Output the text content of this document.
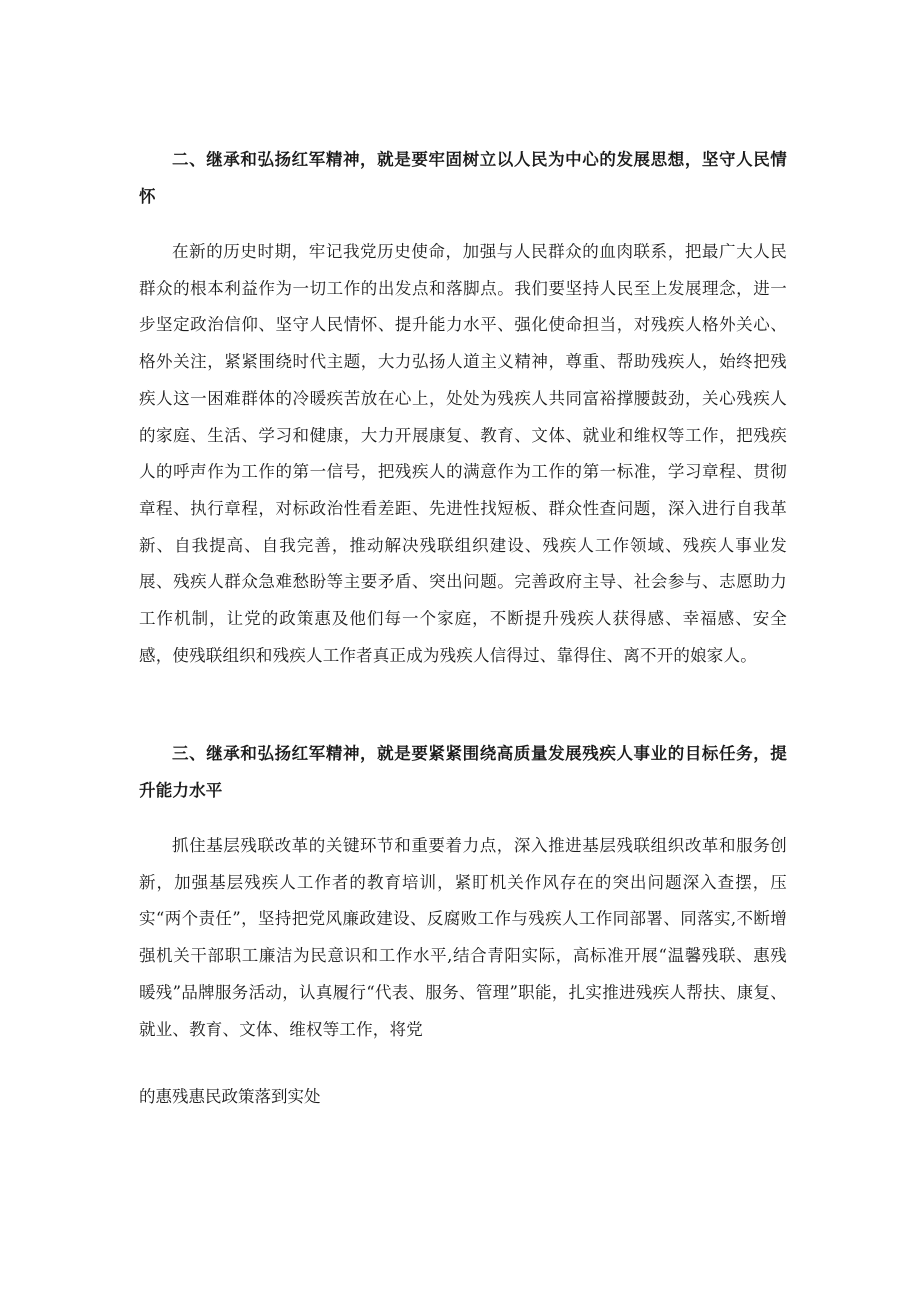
二、继承和弘扬红军精神，就是要牢固树立以人民为中心的发展思想，坚守人民情怀

在新的历史时期，牢记我党历史使命，加强与人民群众的血肉联系，把最广大人民群众的根本利益作为一切工作的出发点和落脚点。我们要坚持人民至上发展理念，进一步坚定政治信仰、坚守人民情怀、提升能力水平、强化使命担当，对残疾人格外关心、格外关注，紧紧围绕时代主题，大力弘扬人道主义精神，尊重、帮助残疾人，始终把残疾人这一困难群体的冷暖疾苦放在心上，处处为残疾人共同富裕撑腰鼓劲，关心残疾人的家庭、生活、学习和健康，大力开展康复、教育、文体、就业和维权等工作，把残疾人的呼声作为工作的第一信号，把残疾人的满意作为工作的第一标准，学习章程、贯彻章程、执行章程，对标政治性看差距、先进性找短板、群众性查问题，深入进行自我革新、自我提高、自我完善，推动解决残联组织建设、残疾人工作领域、残疾人事业发展、残疾人群众急难愁盼等主要矛盾、突出问题。完善政府主导、社会参与、志愿助力工作机制，让党的政策惠及他们每一个家庭，不断提升残疾人获得感、幸福感、安全感，使残联组织和残疾人工作者真正成为残疾人信得过、靠得住、离不开的娘家人。

三、继承和弘扬红军精神，就是要紧紧围绕高质量发展残疾人事业的目标任务，提升能力水平

抓住基层残联改革的关键环节和重要着力点，深入推进基层残联组织改革和服务创新，加强基层残疾人工作者的教育培训，紧盯机关作风存在的突出问题深入查摆，压实“两个责任”，坚持把党风廉政建设、反腐败工作与残疾人工作同部署、同落实,不断增强机关干部职工廉洁为民意识和工作水平,结合青阳实际，高标准开展“温馨残联、惠残暖残”品牌服务活动，认真履行“代表、服务、管理”职能，扎实推进残疾人帮扶、康复、就业、教育、文体、维权等工作，将党

的惠残惠民政策落到实处
